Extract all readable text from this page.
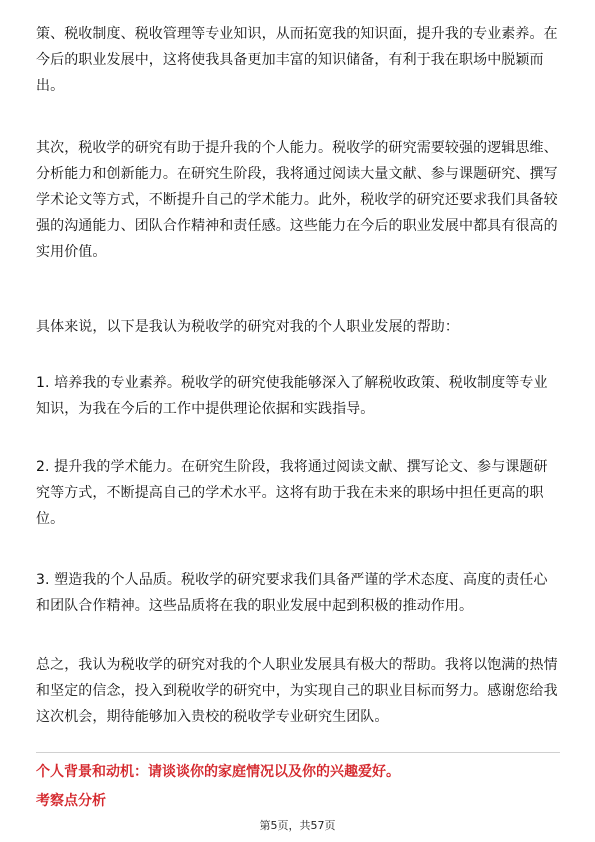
策、税收制度、税收管理等专业知识，从而拓宽我的知识面，提升我的专业素养。在今后的职业发展中，这将使我具备更加丰富的知识储备，有利于我在职场中脱颖而出。

其次，税收学的研究有助于提升我的个人能力。税收学的研究需要较强的逻辑思维、分析能力和创新能力。在研究生阶段，我将通过阅读大量文献、参与课题研究、撰写学术论文等方式，不断提升自己的学术能力。此外，税收学的研究还要求我们具备较强的沟通能力、团队合作精神和责任感。这些能力在今后的职业发展中都具有很高的实用价值。

具体来说，以下是我认为税收学的研究对我的个人职业发展的帮助：

1. 培养我的专业素养。税收学的研究使我能够深入了解税收政策、税收制度等专业知识，为我在今后的工作中提供理论依据和实践指导。

2. 提升我的学术能力。在研究生阶段，我将通过阅读文献、撰写论文、参与课题研究等方式，不断提高自己的学术水平。这将有助于我在未来的职场中担任更高的职位。

3. 塑造我的个人品质。税收学的研究要求我们具备严谨的学术态度、高度的责任心和团队合作精神。这些品质将在我的职业发展中起到积极的推动作用。

总之，我认为税收学的研究对我的个人职业发展具有极大的帮助。我将以饱满的热情和坚定的信念，投入到税收学的研究中，为实现自己的职业目标而努力。感谢您给我这次机会，期待能够加入贵校的税收学专业研究生团队。

个人背景和动机：请谈谈你的家庭情况以及你的兴趣爱好。

考察点分析

第5页，共57页
